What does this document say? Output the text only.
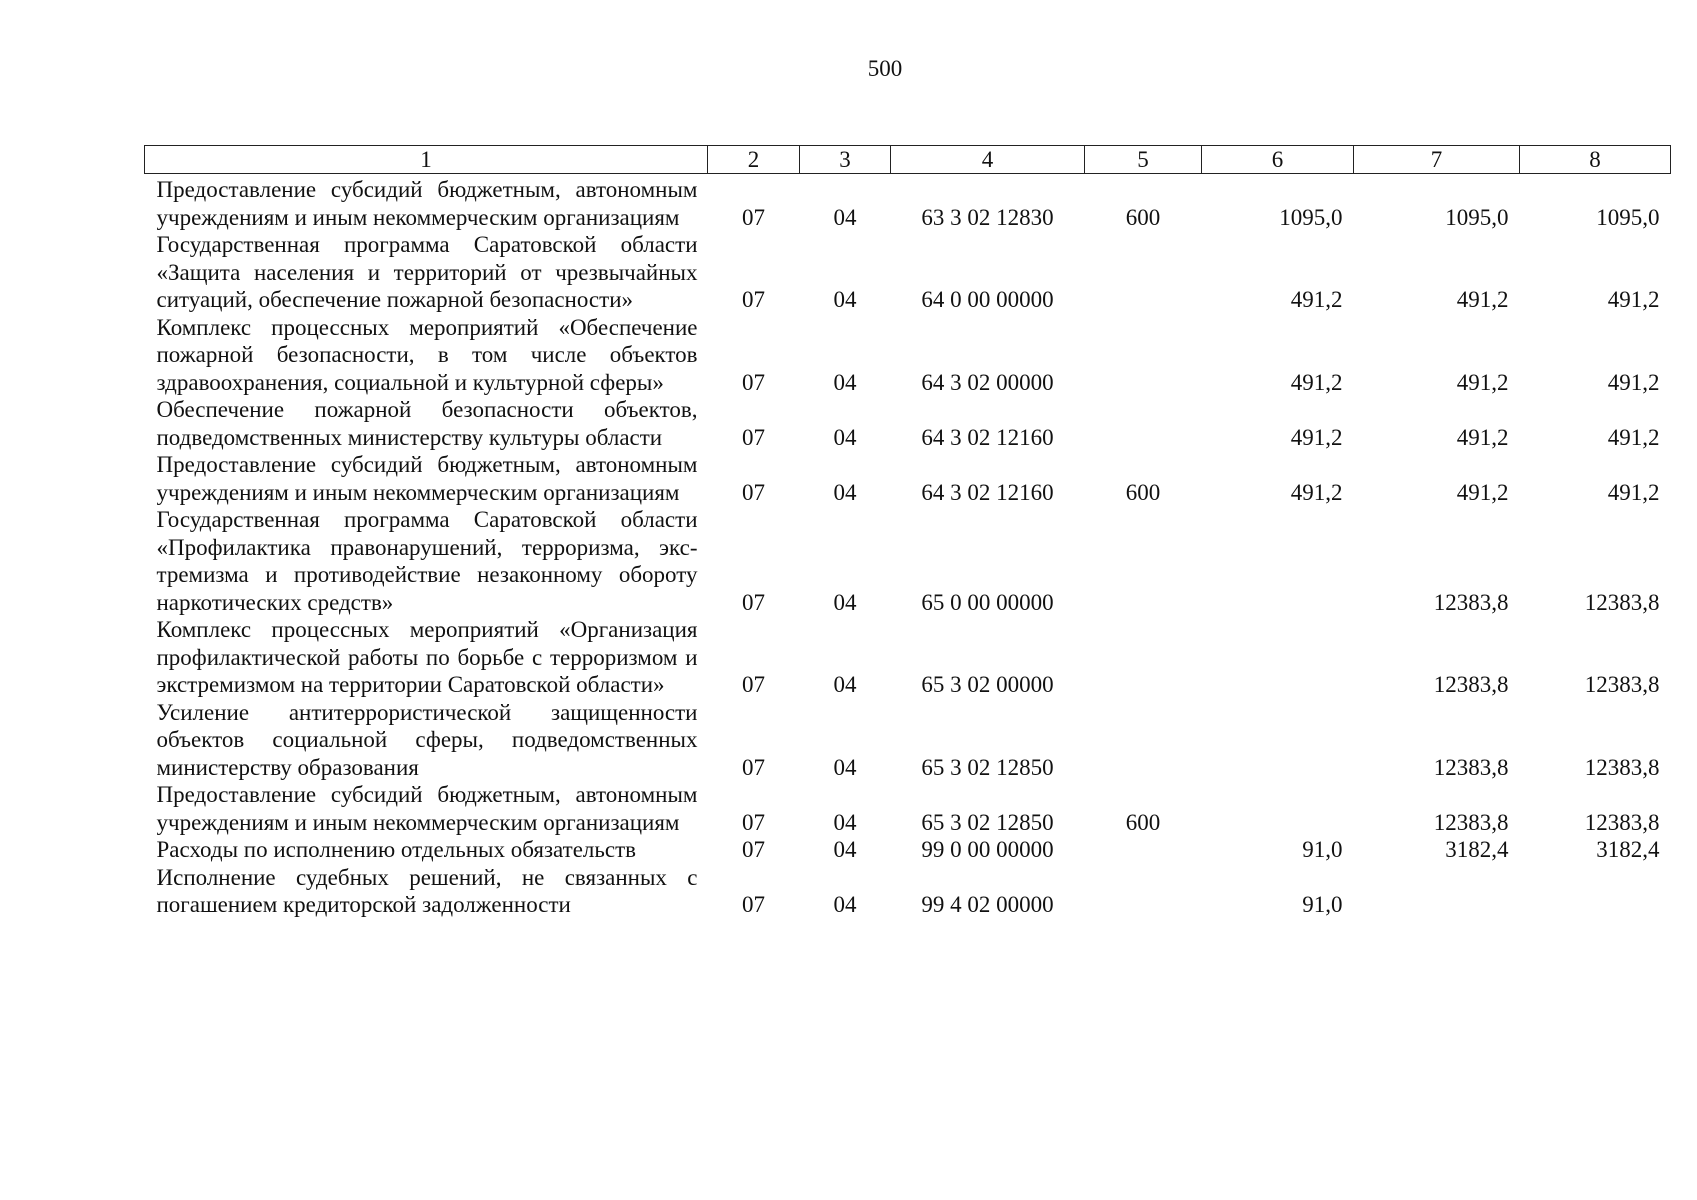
500
1	2	3	4	5	6	7	8
Предоставление субсидий бюджетным, автономным учреждениям и иным некоммерческим организациям	07	04	63 3 02 12830	600	1095,0	1095,0	1095,0
Государственная программа Саратовской области «Защита населения и территорий от чрезвычайных ситуаций, обеспечение пожарной безопасности»	07	04	64 0 00 00000		491,2	491,2	491,2
Комплекс процессных мероприятий «Обеспечение пожарной безопасности, в том числе объектов здравоохранения, социальной и культурной сферы»	07	04	64 3 02 00000		491,2	491,2	491,2
Обеспечение пожарной безопасности объектов, подведомственных министерству культуры области	07	04	64 3 02 12160		491,2	491,2	491,2
Предоставление субсидий бюджетным, автономным учреждениям и иным некоммерческим организациям	07	04	64 3 02 12160	600	491,2	491,2	491,2
Государственная программа Саратовской области «Профилактика правонарушений, терроризма, экстремизма и противодействие незаконному обороту наркотических средств»	07	04	65 0 00 00000			12383,8	12383,8
Комплекс процессных мероприятий «Организация профилактической работы по борьбе с терроризмом и экстремизмом на территории Саратовской области»	07	04	65 3 02 00000			12383,8	12383,8
Усиление антитеррористической защищенности объектов социальной сферы, подведомственных министерству образования	07	04	65 3 02 12850			12383,8	12383,8
Предоставление субсидий бюджетным, автономным учреждениям и иным некоммерческим организациям	07	04	65 3 02 12850	600		12383,8	12383,8
Расходы по исполнению отдельных обязательств	07	04	99 0 00 00000		91,0	3182,4	3182,4
Исполнение судебных решений, не связанных с погашением кредиторской задолженности	07	04	99 4 02 00000		91,0		
